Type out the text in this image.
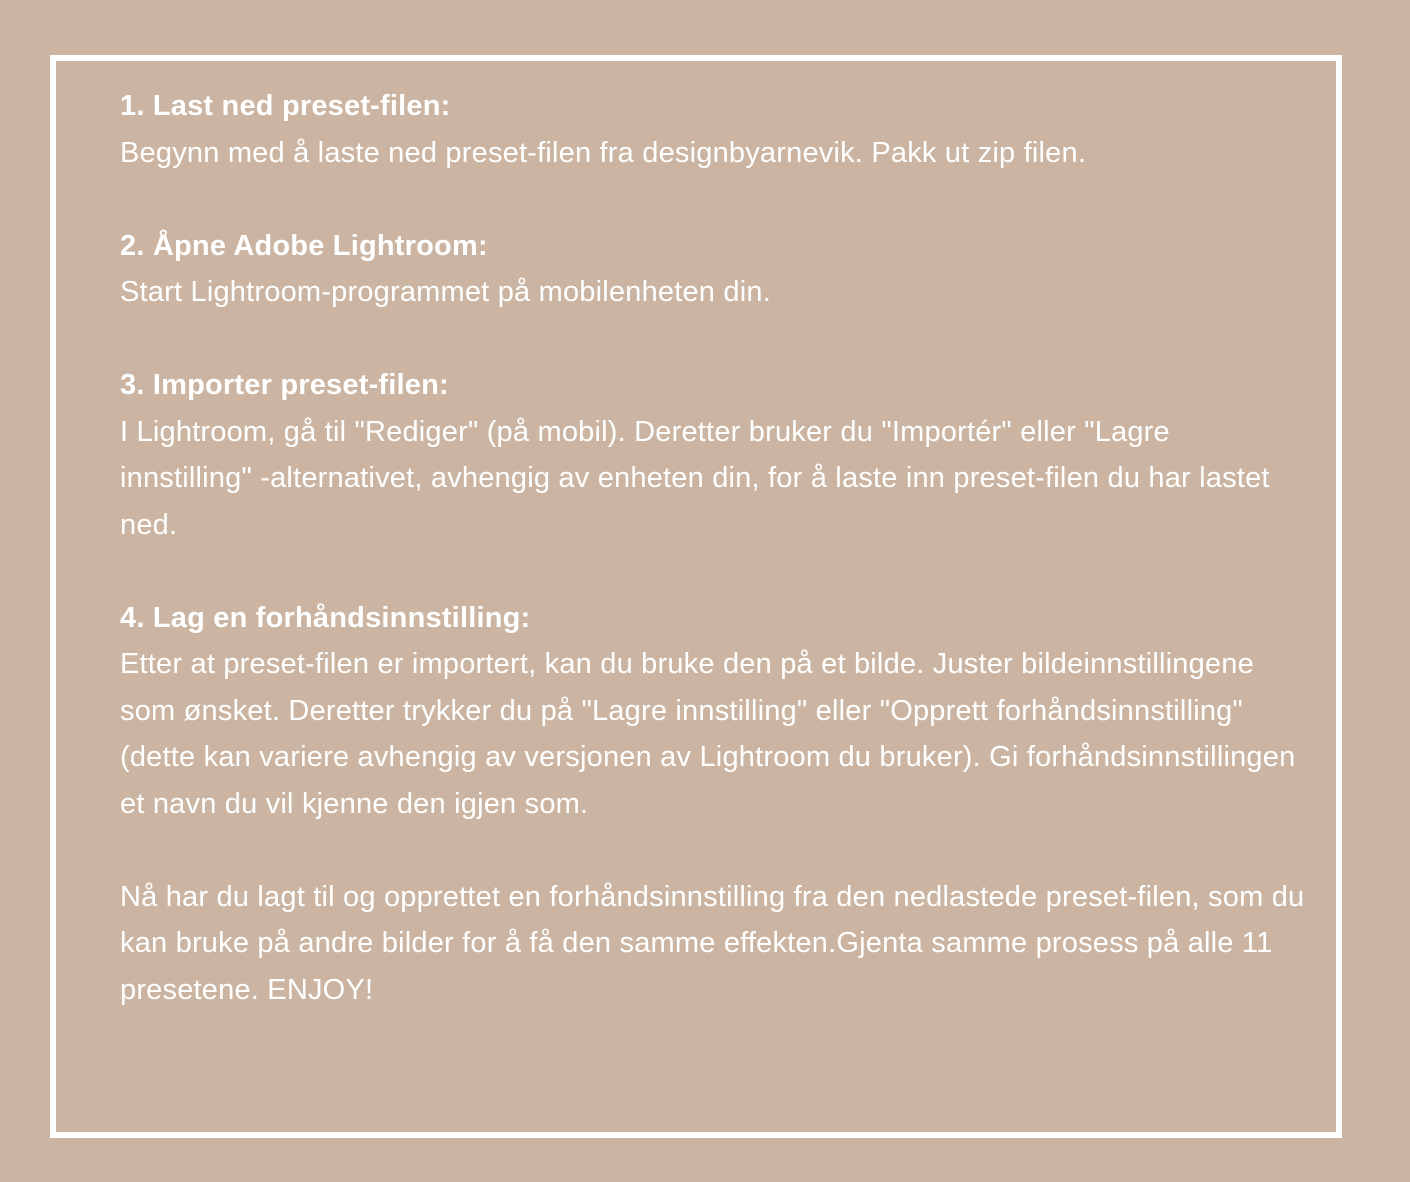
1. Last ned preset-filen:

Begynn med å laste ned preset-filen fra designbyarnevik. Pakk ut zip filen.

2. Åpne Adobe Lightroom:

Start Lightroom-programmet på mobilenheten din.

3. Importer preset-filen:

I Lightroom, gå til "Rediger" (på mobil). Deretter bruker du "Importér" eller "Lagre innstilling" -alternativet, avhengig av enheten din, for å laste inn preset-filen du har lastet ned.

4. Lag en forhåndsinnstilling:

Etter at preset-filen er importert, kan du bruke den på et bilde. Juster bildeinnstillingene som ønsket. Deretter trykker du på "Lagre innstilling" eller "Opprett forhåndsinnstilling" (dette kan variere avhengig av versjonen av Lightroom du bruker). Gi forhåndsinnstillingen et navn du vil kjenne den igjen som.

Nå har du lagt til og opprettet en forhåndsinnstilling fra den nedlastede preset-filen, som du kan bruke på andre bilder for å få den samme effekten.Gjenta samme prosess på alle 11 presetene. ENJOY!
